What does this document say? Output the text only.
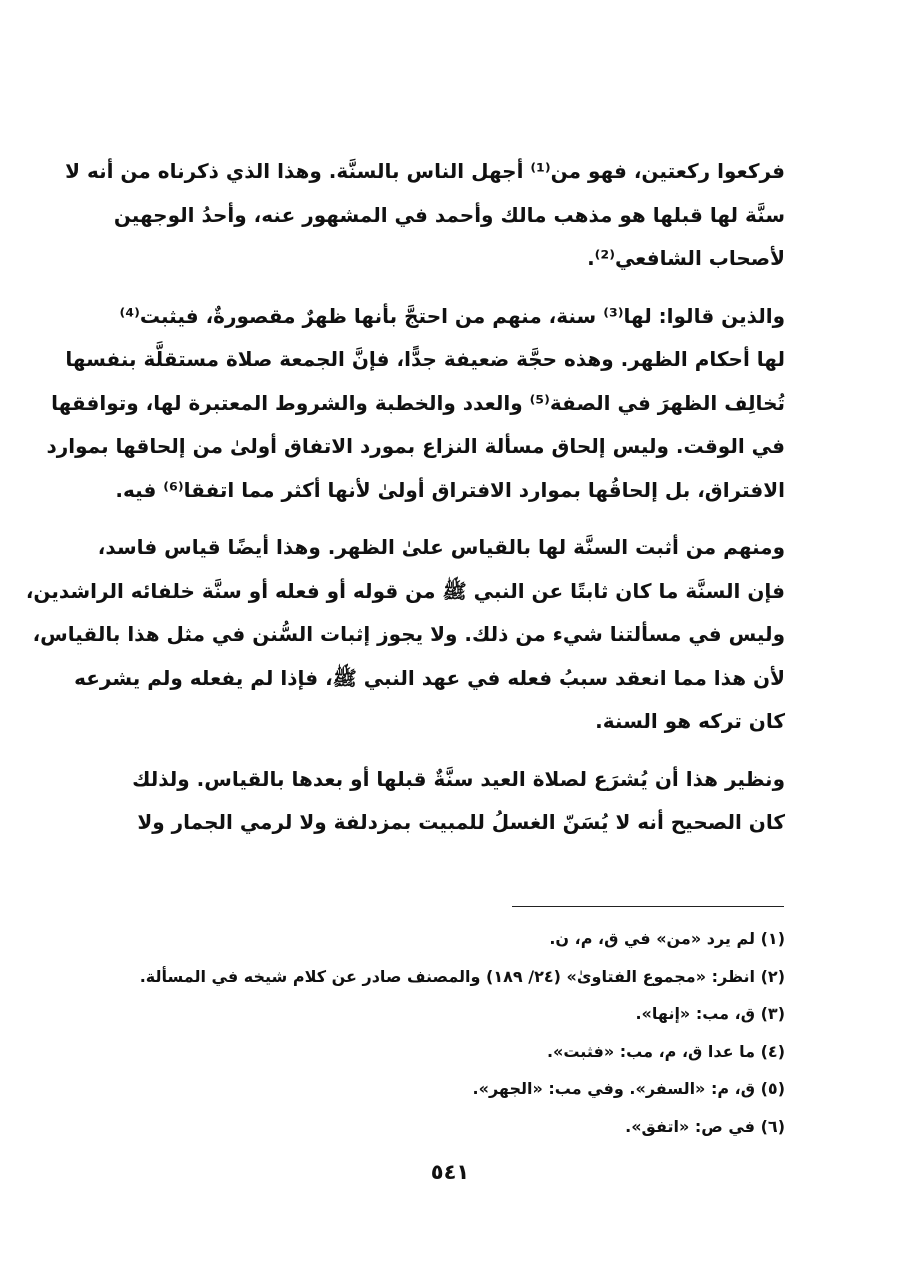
فركعوا ركعتين، فهو من⁽¹⁾ أجهل الناس بالسنَّة. وهذا الذي ذكرناه من أنه لا
سنَّة لها قبلها هو مذهب مالك وأحمد في المشهور عنه، وأحدُ الوجهين
لأصحاب الشافعي⁽²⁾.

والذين قالوا: لها⁽³⁾ سنة، منهم من احتجَّ بأنها ظهرٌ مقصورةٌ، فيثبت⁽⁴⁾
لها أحكام الظهر. وهذه حجَّة ضعيفة جدًّا، فإنَّ الجمعة صلاة مستقلَّة بنفسها
تُخالِف الظهرَ في الصفة⁽⁵⁾ والعدد والخطبة والشروط المعتبرة لها، وتوافقها
في الوقت. وليس إلحاق مسألة النزاع بمورد الاتفاق أولىٰ من إلحاقها بموارد
الافتراق، بل إلحاقُها بموارد الافتراق أولىٰ لأنها أكثر مما اتفقا⁽⁶⁾ فيه.

ومنهم من أثبت السنَّة لها بالقياس علىٰ الظهر. وهذا أيضًا قياس فاسد،
فإن السنَّة ما كان ثابتًا عن النبي ﷺ من قوله أو فعله أو سنَّة خلفائه الراشدين،
وليس في مسألتنا شيء من ذلك. ولا يجوز إثبات السُّنن في مثل هذا بالقياس،
لأن هذا مما انعقد سببُ فعله في عهد النبي ﷺ، فإذا لم يفعله ولم يشرعه
كان تركه هو السنة.

ونظير هذا أن يُشرَع لصلاة العيد سنَّةٌ قبلها أو بعدها بالقياس. ولذلك
كان الصحيح أنه لا يُسَنّ الغسلُ للمبيت بمزدلفة ولا لرمي الجمار ولا

(١) لم يرد «من» في ق، م، ن.
(٢) انظر: «مجموع الفتاوىٰ» (٢٤/ ١٨٩) والمصنف صادر عن كلام شيخه في المسألة.
(٣) ق، مب: «إنها».
(٤) ما عدا ق، م، مب: «فثبت».
(٥) ق، م: «السفر». وفي مب: «الجهر».
(٦) في ص: «اتفق».
٥٤١
